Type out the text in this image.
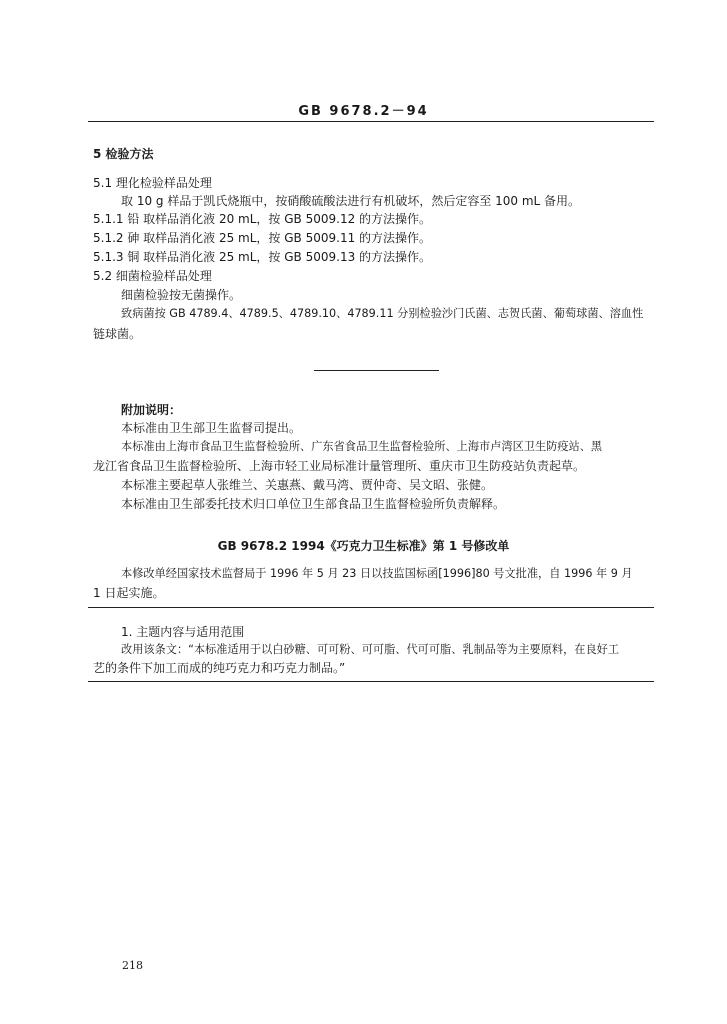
GB 9678.2－94
5 检验方法
5.1 理化检验样品处理
取 10 g 样品于凯氏烧瓶中，按硝酸硫酸法进行有机破坏，然后定容至 100 mL 备用。
5.1.1 铅 取样品消化液 20 mL，按 GB 5009.12 的方法操作。
5.1.2 砷 取样品消化液 25 mL，按 GB 5009.11 的方法操作。
5.1.3 铜 取样品消化液 25 mL，按 GB 5009.13 的方法操作。
5.2 细菌检验样品处理
细菌检验按无菌操作。
致病菌按 GB 4789.4、4789.5、4789.10、4789.11 分别检验沙门氏菌、志贺氏菌、葡萄球菌、溶血性
链球菌。
附加说明：
本标准由卫生部卫生监督司提出。
本标准由上海市食品卫生监督检验所、广东省食品卫生监督检验所、上海市卢湾区卫生防疫站、黑
龙江省食品卫生监督检验所、上海市轻工业局标准计量管理所、重庆市卫生防疫站负责起草。
本标准主要起草人张维兰、关惠燕、戴马湾、贾仲奇、吴文昭、张健。
本标准由卫生部委托技术归口单位卫生部食品卫生监督检验所负责解释。
GB 9678.2 1994《巧克力卫生标准》第 1 号修改单
本修改单经国家技术监督局于 1996 年 5 月 23 日以技监国标函[1996]80 号文批准，自 1996 年 9 月
1 日起实施。
1. 主题内容与适用范围
改用该条文：“本标准适用于以白砂糖、可可粉、可可脂、代可可脂、乳制品等为主要原料，在良好工
艺的条件下加工而成的纯巧克力和巧克力制品。”
218
